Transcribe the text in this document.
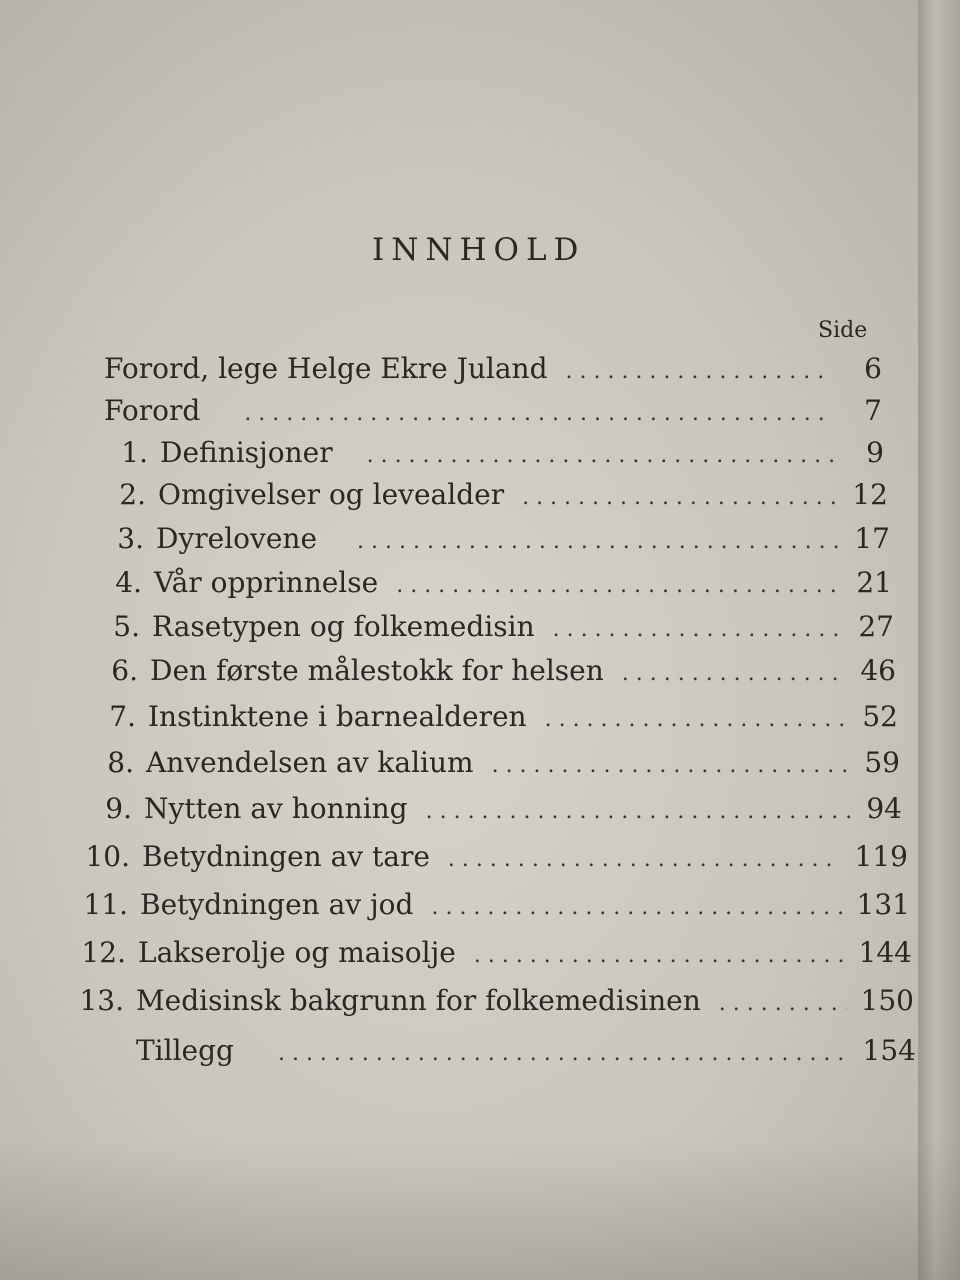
INNHOLD
Side
Forord, lege Helge Ekre Juland . . .	6
Forord . . .	7
1. Definisjoner . . .	9
2. Omgivelser og levealder . . .	12
3. Dyrelovene . . .	17
4. Vår opprinnelse . . .	21
5. Rasetypen og folkemedisin . . .	27
6. Den første målestokk for helsen . . .	46
7. Instinktene i barnealderen . . .	52
8. Anvendelsen av kalium . . .	59
9. Nytten av honning . . .	94
10. Betydningen av tare . . .	119
11. Betydningen av jod . . .	131
12. Lakserolje og maisolje . . .	144
13. Medisinsk bakgrunn for folkemedisinen . . .	150
Tillegg . . .	154
